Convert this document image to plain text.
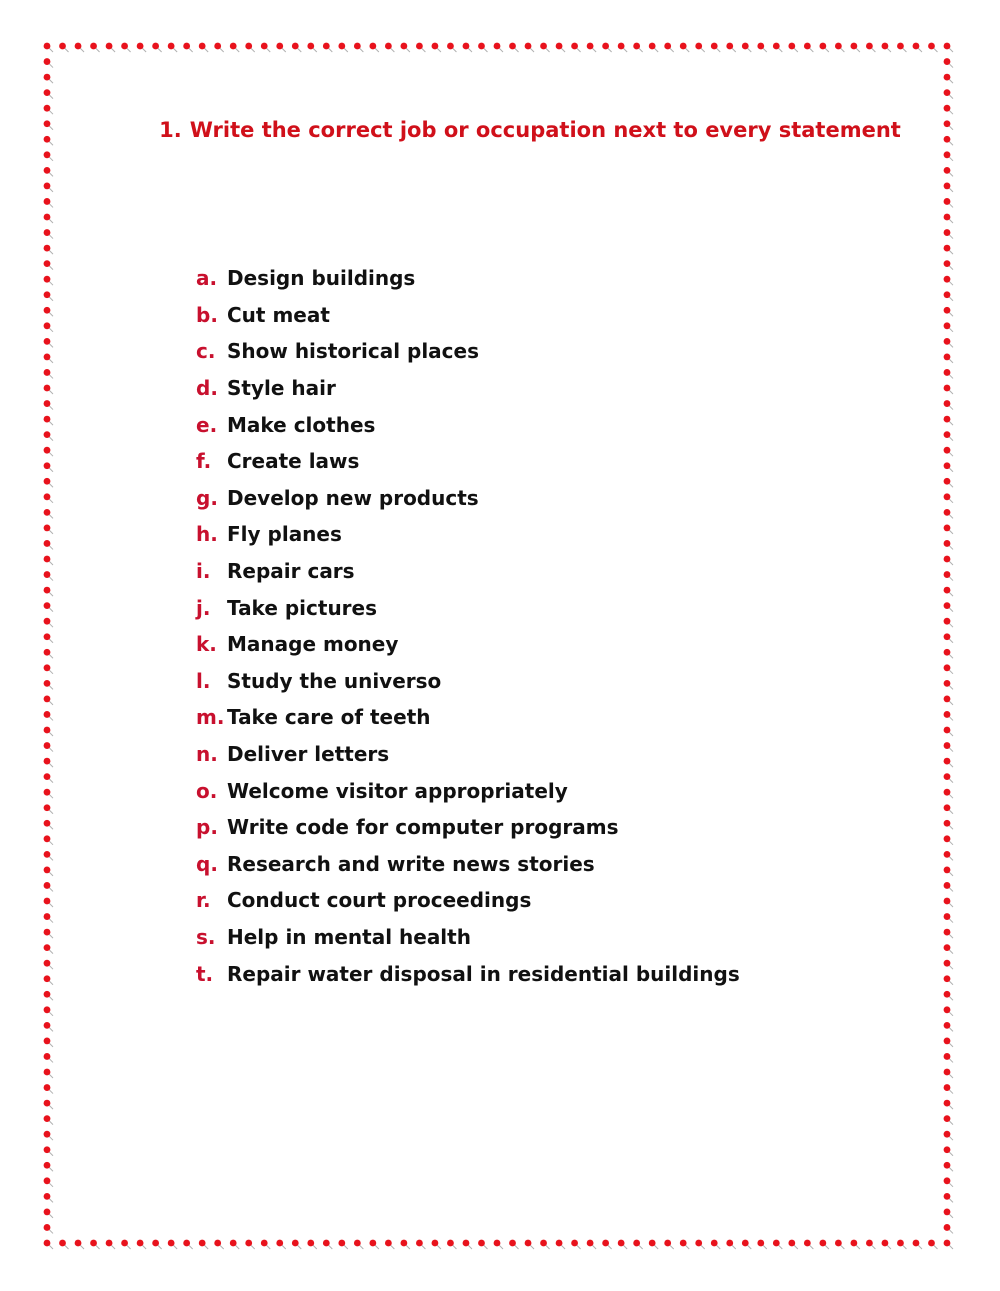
1. Write the correct job or occupation next to every statement
a. Design buildings
b. Cut meat
c. Show historical places
d. Style hair
e. Make clothes
f. Create laws
g. Develop new products
h. Fly planes
i. Repair cars
j. Take pictures
k. Manage money
l. Study the universo
m. Take care of teeth
n. Deliver letters
o. Welcome visitor appropriately
p. Write code for computer programs
q. Research and write news stories
r. Conduct court proceedings
s. Help in mental health
t. Repair water disposal in residential buildings
